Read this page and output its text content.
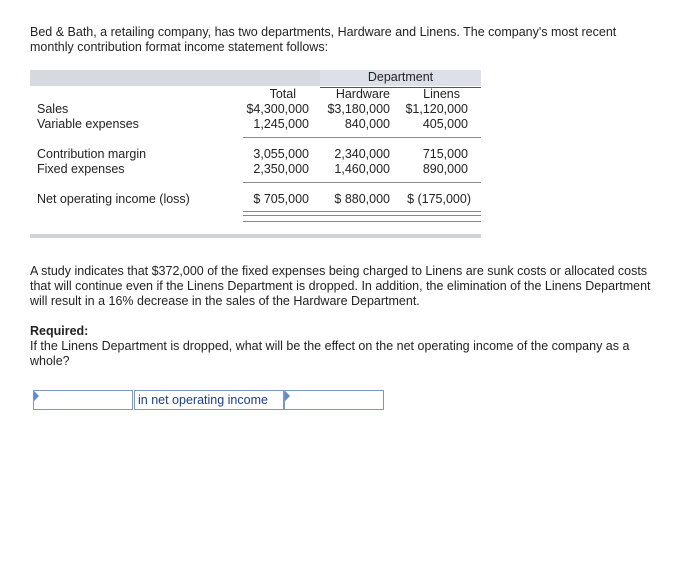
Bed & Bath, a retailing company, has two departments, Hardware and Linens. The company's most recent monthly contribution format income statement follows:
Department
Total	Hardware	Linens
Sales	$4,300,000	$3,180,000	$1,120,000
Variable expenses	1,245,000	840,000	405,000
Contribution margin	3,055,000	2,340,000	715,000
Fixed expenses	2,350,000	1,460,000	890,000
Net operating income (loss)	$ 705,000	$ 880,000	$ (175,000)
A study indicates that $372,000 of the fixed expenses being charged to Linens are sunk costs or allocated costs that will continue even if the Linens Department is dropped. In addition, the elimination of the Linens Department will result in a 16% decrease in the sales of the Hardware Department.
Required:
If the Linens Department is dropped, what will be the effect on the net operating income of the company as a whole?
in net operating income
